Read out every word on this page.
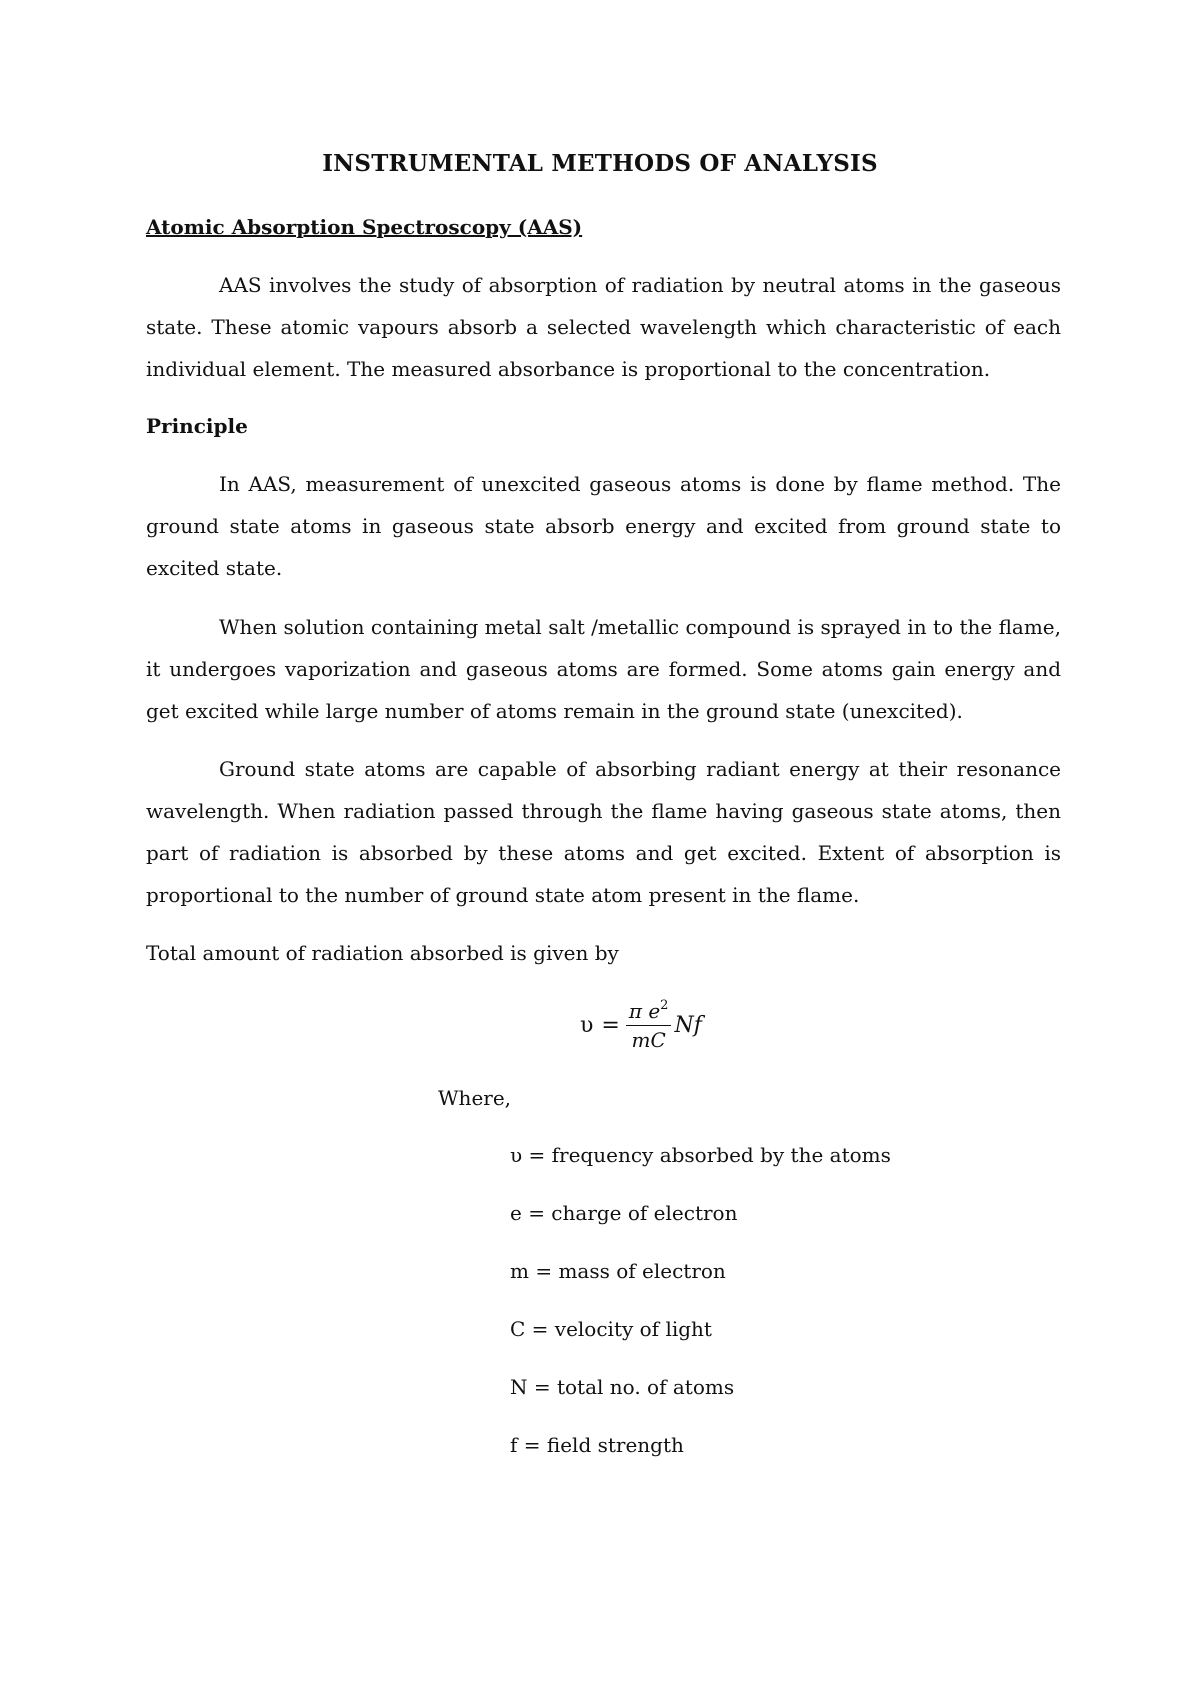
INSTRUMENTAL METHODS OF ANALYSIS
Atomic Absorption Spectroscopy (AAS)

AAS involves the study of absorption of radiation by neutral atoms in the gaseous state. These atomic vapours absorb a selected wavelength which characteristic of each individual element. The measured absorbance is proportional to the concentration.

Principle

In AAS, measurement of unexcited gaseous atoms is done by flame method. The ground state atoms in gaseous state absorb energy and excited from ground state to excited state.

When solution containing metal salt /metallic compound is sprayed in to the flame, it undergoes vaporization and gaseous atoms are formed. Some atoms gain energy and get excited while large number of atoms remain in the ground state (unexcited).

Ground state atoms are capable of absorbing radiant energy at their resonance wavelength. When radiation passed through the flame having gaseous state atoms, then part of radiation is absorbed by these atoms and get excited. Extent of absorption is proportional to the number of ground state atom present in the flame.

Total amount of radiation absorbed is given by

$\upsilon = \frac{\pi e^2}{mC}$ Nf
Where,
υ = frequency absorbed by the atoms
e = charge of electron
m = mass of electron
C = velocity of light
N = total no. of atoms
f = field strength
